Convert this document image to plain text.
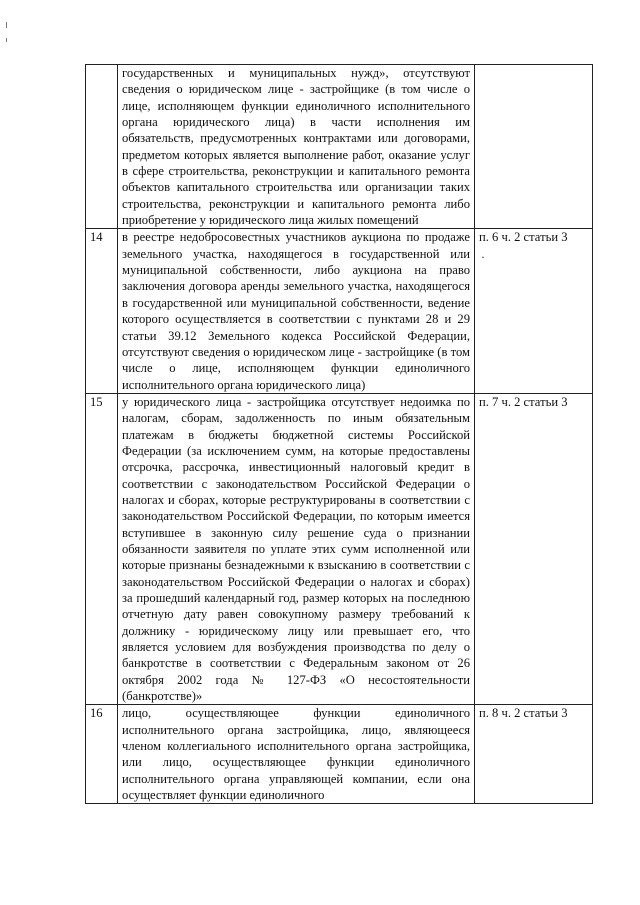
	государственных и муниципальных нужд», отсутствуют сведения о юридическом лице - застройщике (в том числе о лице, исполняющем функции единоличного исполнительного органа юридического лица) в части исполнения им обязательств, предусмотренных контрактами или договорами, предметом которых является выполнение работ, оказание услуг в сфере строительства, реконструкции и капитального ремонта объектов капитального строительства или организации таких строительства, реконструкции и капитального ремонта либо приобретение у юридического лица жилых помещений	

14	в реестре недобросовестных участников аукциона по продаже земельного участка, находящегося в государственной или муниципальной собственности, либо аукциона на право заключения договора аренды земельного участка, находящегося в государственной или муниципальной собственности, ведение которого осуществляется в соответствии с пунктами 28 и 29 статьи 39.12 Земельного кодекса Российской Федерации, отсутствуют сведения о юридическом лице - застройщике (в том числе о лице, исполняющем функции единоличного исполнительного органа юридического лица)	п. 6 ч. 2 статьи 3
·

15	у юридического лица - застройщика отсутствует недоимка по налогам, сборам, задолженность по иным обязательным платежам в бюджеты бюджетной системы Российской Федерации (за исключением сумм, на которые предоставлены отсрочка, рассрочка, инвестиционный налоговый кредит в соответствии с законодательством Российской Федерации о налогах и сборах, которые реструктурированы в соответствии с законодательством Российской Федерации, по которым имеется вступившее в законную силу решение суда о признании обязанности заявителя по уплате этих сумм исполненной или которые признаны безнадежными к взысканию в соответствии с законодательством Российской Федерации о налогах и сборах) за прошедший календарный год, размер которых на последнюю отчетную дату равен совокупному размеру требований к должнику - юридическому лицу или превышает его, что является условием для возбуждения производства по делу о банкротстве в соответствии с Федеральным законом от 26 октября 2002 года № 127-ФЗ «О несостоятельности (банкротстве)»	п. 7 ч. 2 статьи 3
16	лицо, осуществляющее функции единоличного исполнительного органа застройщика, лицо, являющееся членом коллегиального исполнительного органа застройщика, или лицо, осуществляющее функции единоличного исполнительного органа управляющей компании, если она осуществляет функции единоличного	п. 8 ч. 2 статьи 3
